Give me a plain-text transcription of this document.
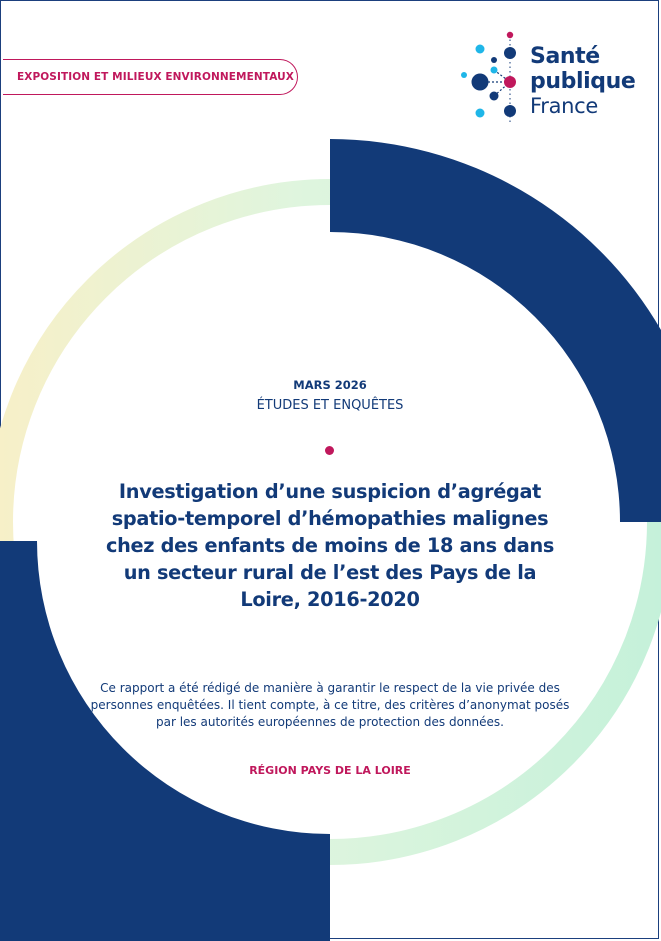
EXPOSITION ET MILIEUX ENVIRONNEMENTAUX
Santé
publique
France
MARS 2026
ÉTUDES ET ENQUÊTES
Investigation d’une suspicion d’agrégat spatio-temporel d’hémopathies malignes chez des enfants de moins de 18 ans dans un secteur rural de l’est des Pays de la Loire, 2016-2020

Ce rapport a été rédigé de manière à garantir le respect de la vie privée des personnes enquêtées. Il tient compte, à ce titre, des critères d’anonymat posés par les autorités européennes de protection des données.

RÉGION PAYS DE LA LOIRE
